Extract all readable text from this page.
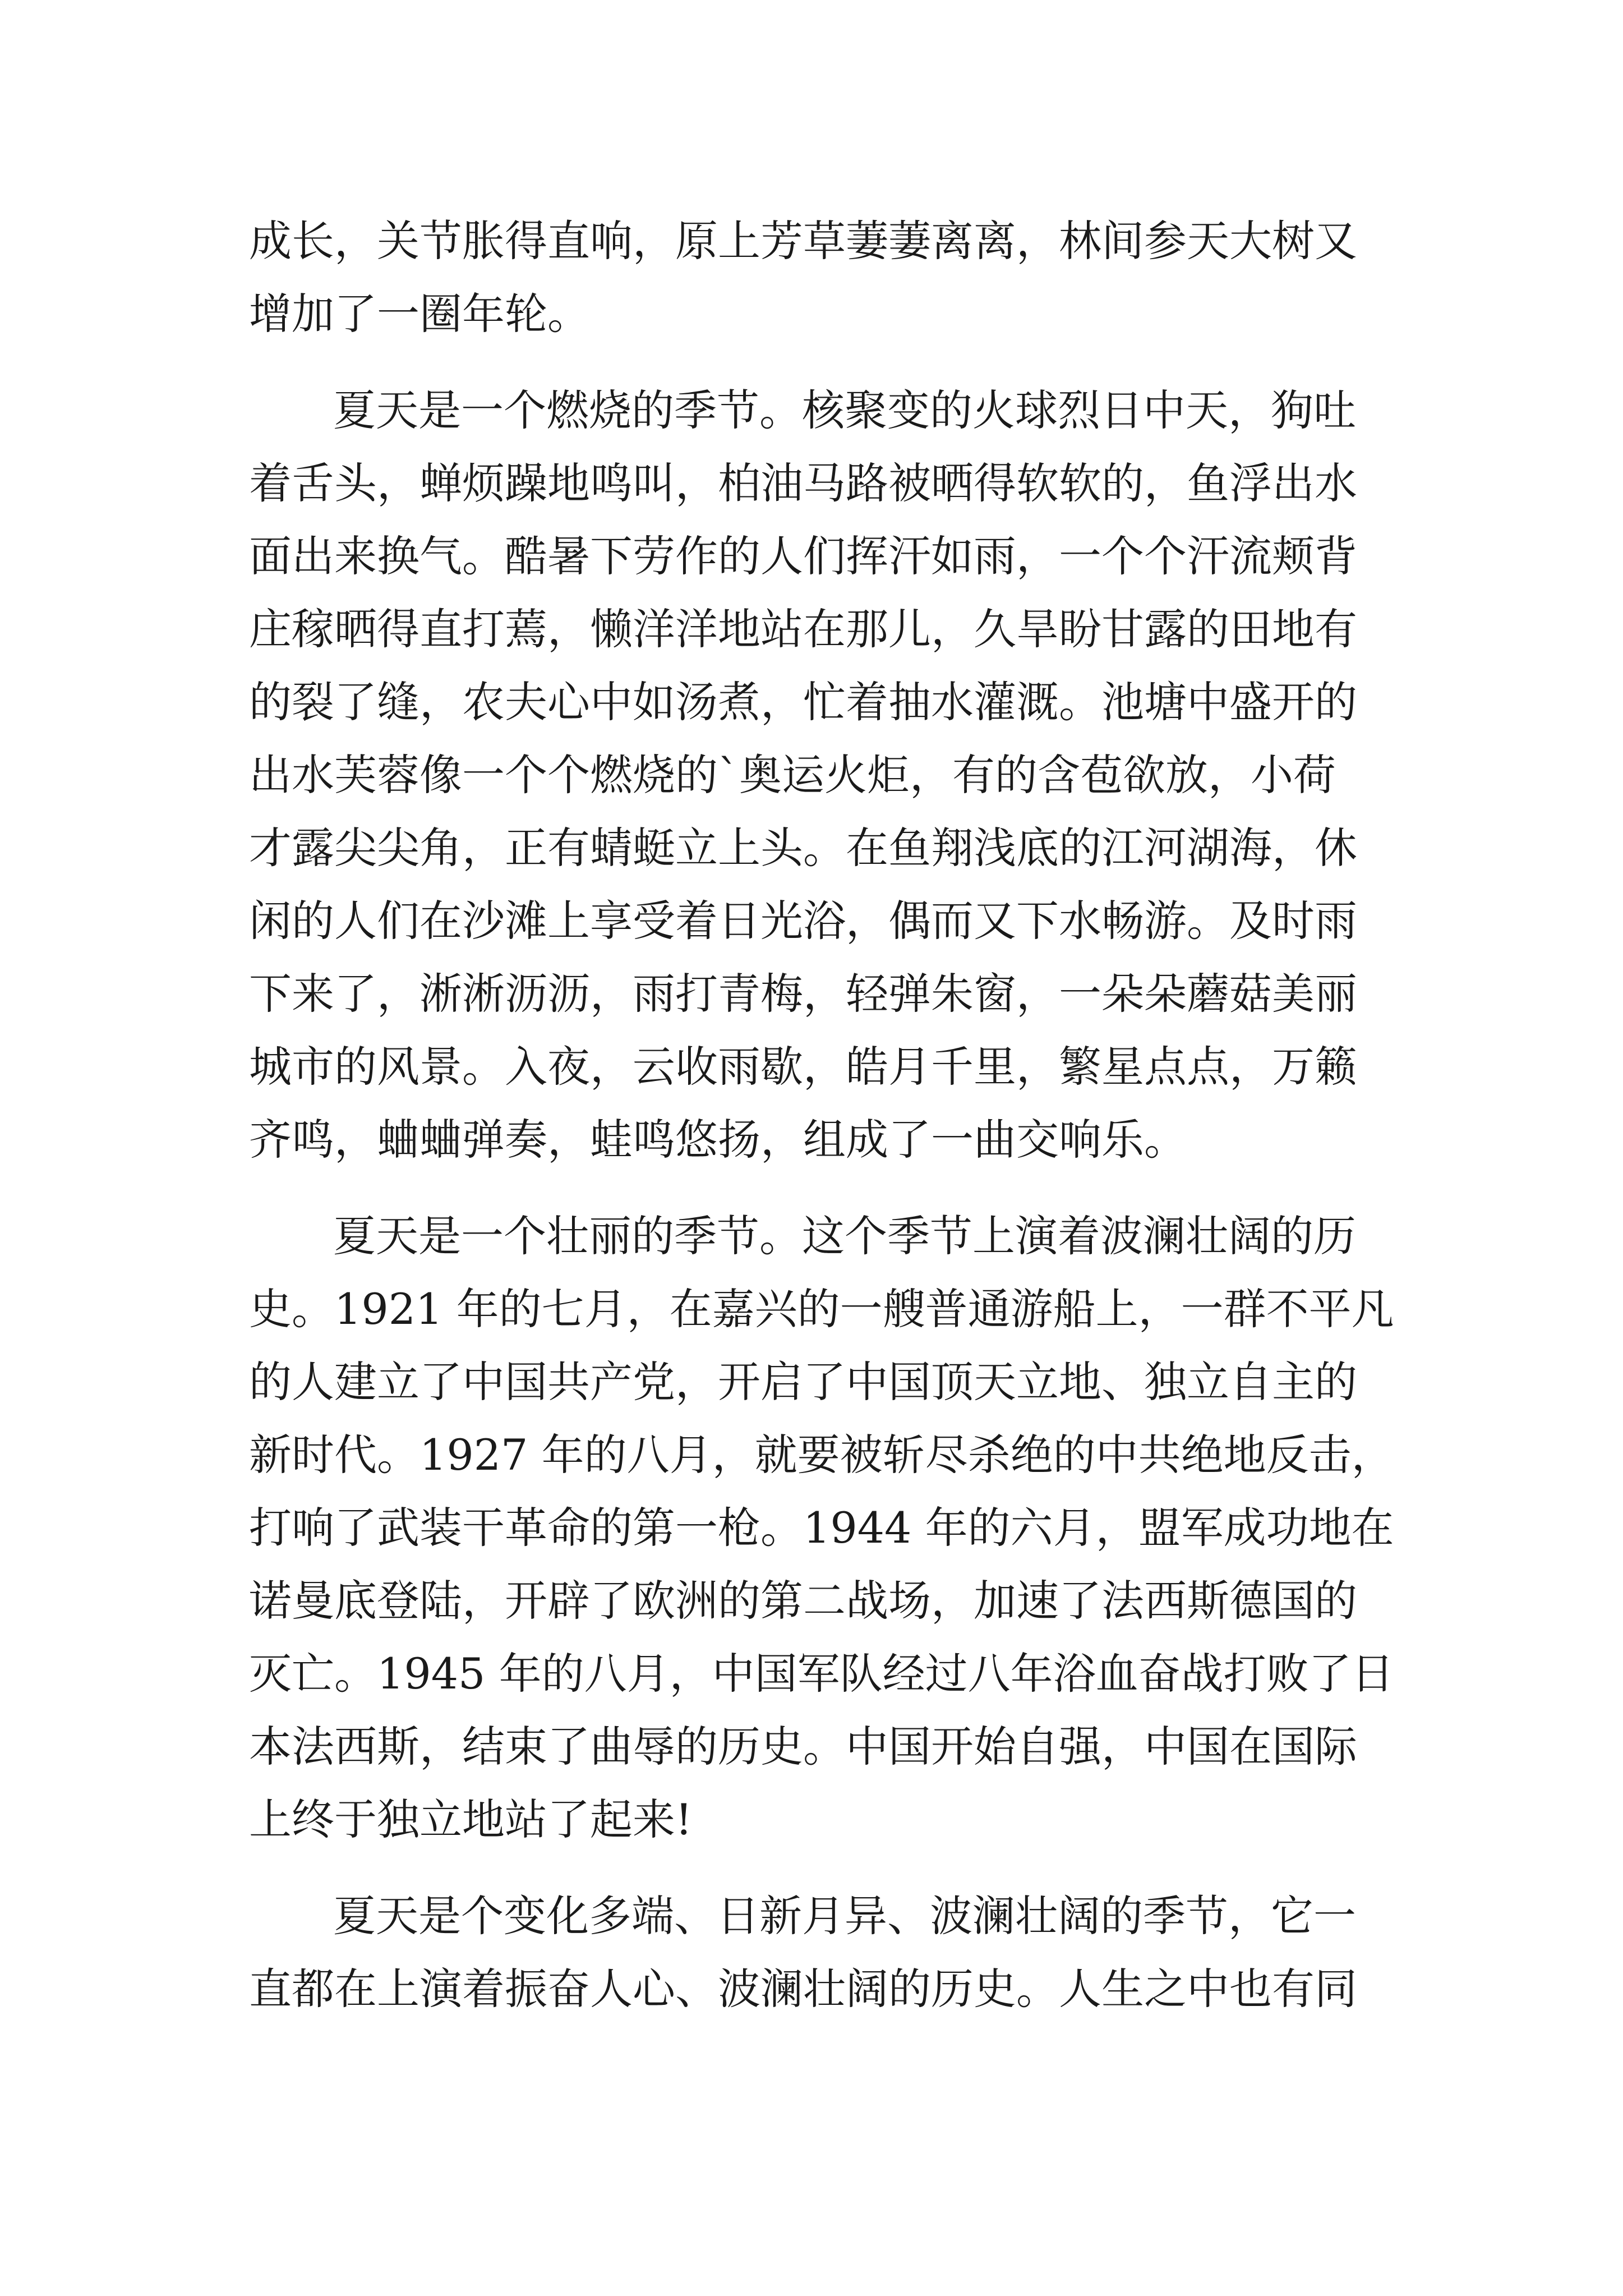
成长，关节胀得直响，原上芳草萋萋离离，林间参天大树又
增加了一圈年轮。
夏天是一个燃烧的季节。核聚变的火球烈日中天，狗吐
着舌头，蝉烦躁地鸣叫，柏油马路被晒得软软的，鱼浮出水
面出来换气。酷暑下劳作的人们挥汗如雨，一个个汗流颊背
庄稼晒得直打蔫，懒洋洋地站在那儿，久旱盼甘露的田地有
的裂了缝，农夫心中如汤煮，忙着抽水灌溉。池塘中盛开的
出水芙蓉像一个个燃烧的`奥运火炬，有的含苞欲放，小荷
才露尖尖角，正有蜻蜓立上头。在鱼翔浅底的江河湖海，休
闲的人们在沙滩上享受着日光浴，偶而又下水畅游。及时雨
下来了，淅淅沥沥，雨打青梅，轻弹朱窗，一朵朵蘑菇美丽
城市的风景。入夜，云收雨歇，皓月千里，繁星点点，万籁
齐鸣，蛐蛐弹奏，蛙鸣悠扬，组成了一曲交响乐。
夏天是一个壮丽的季节。这个季节上演着波澜壮阔的历
史。1921 年的七月，在嘉兴的一艘普通游船上，一群不平凡
的人建立了中国共产党，开启了中国顶天立地、独立自主的
新时代。1927 年的八月，就要被斩尽杀绝的中共绝地反击，
打响了武装干革命的第一枪。1944 年的六月，盟军成功地在
诺曼底登陆，开辟了欧洲的第二战场，加速了法西斯德国的
灭亡。1945 年的八月，中国军队经过八年浴血奋战打败了日
本法西斯，结束了曲辱的历史。中国开始自强，中国在国际
上终于独立地站了起来!
夏天是个变化多端、日新月异、波澜壮阔的季节，它一
直都在上演着振奋人心、波澜壮阔的历史。人生之中也有同
